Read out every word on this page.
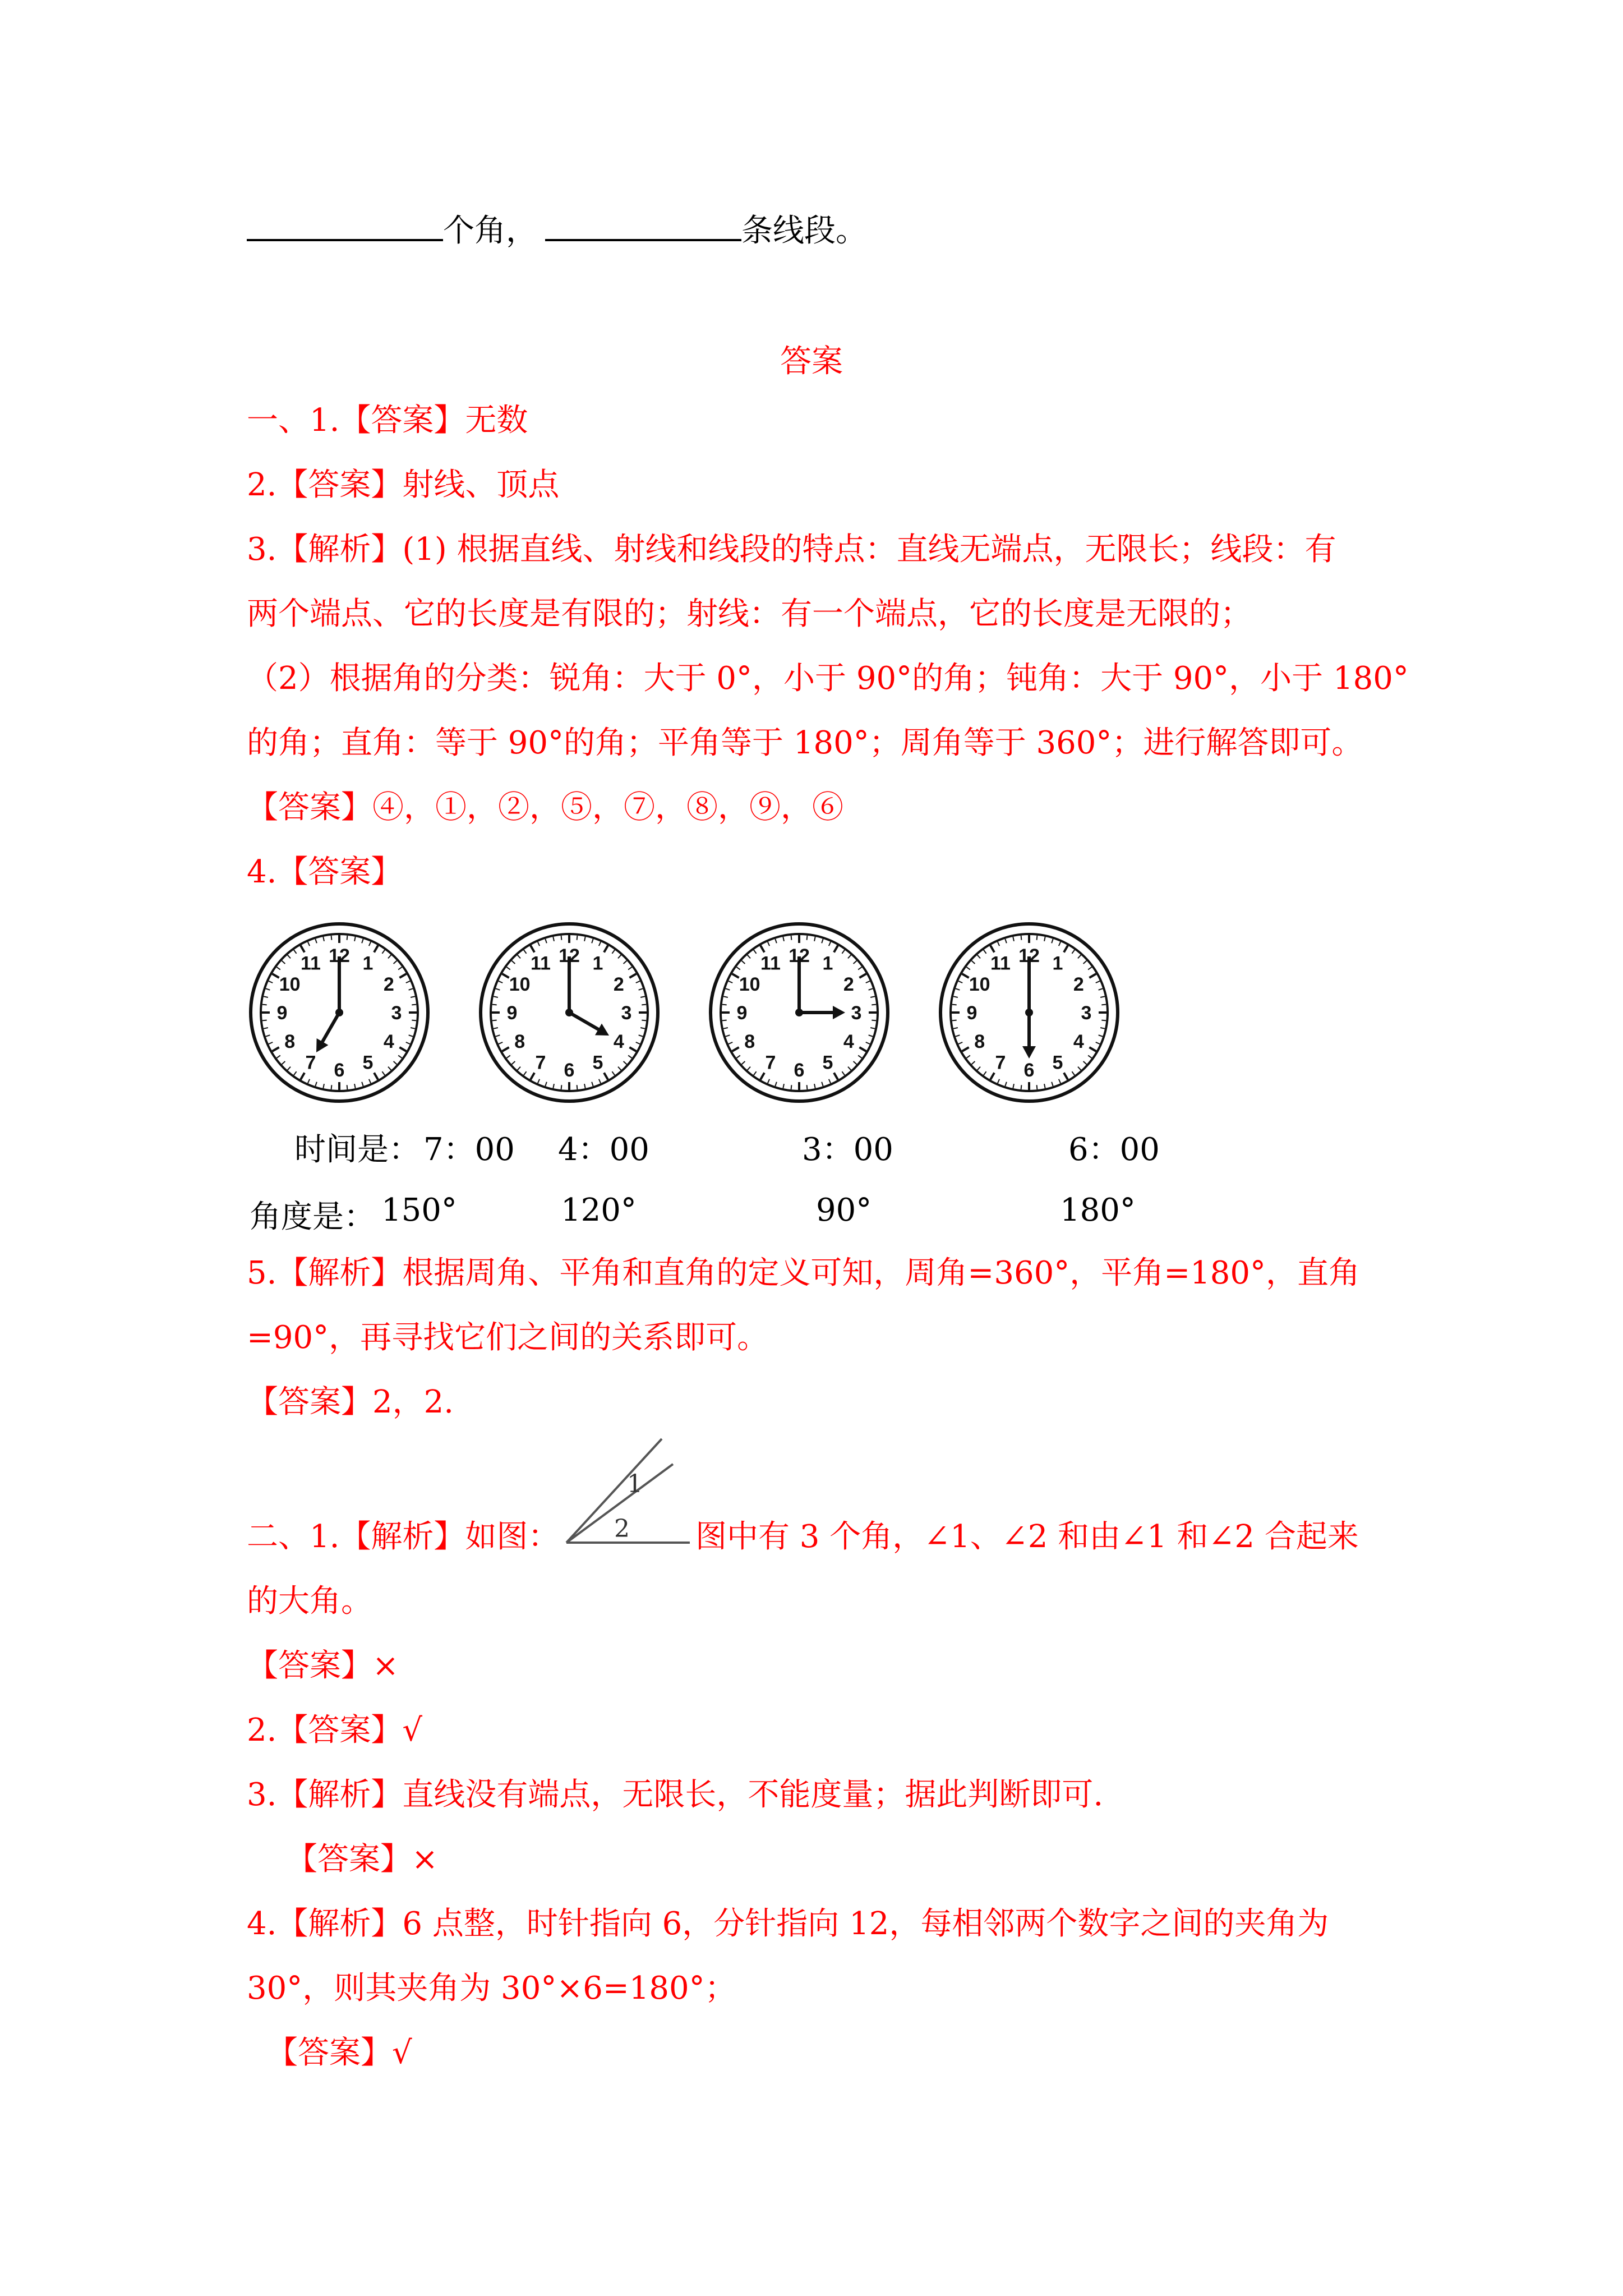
个角，	条线段。
答案
一、1.【答案】无数
2.【答案】射线、顶点
3.【解析】(1) 根据直线、射线和线段的特点：直线无端点，无限长；线段：有
两个端点、它的长度是有限的；射线：有一个端点，它的长度是无限的；
（2）根据角的分类：锐角：大于 0°，小于 90°的角；钝角：大于 90°，小于 180°
的角；直角：等于 90°的角；平角等于 180°；周角等于 360°；进行解答即可。
【答案】④，①，②，⑤，⑦，⑧，⑨，⑥
4.【答案】
12 1
2
3
4
5
6
7
8
9
10
11	12 1
2
3
4
5
6
7
8
9
10
11	12 1
2
3
4
5
6
7
8
9
10
11	12 1
2
3
4
5
6
7
8
9
10
11
时间是： 7：00 4：00	3：00	6：00
角度是： 150°	120°	90°	180°
5.【解析】根据周角、平角和直角的定义可知，周角=360°，平角=180°，直角
=90°，再寻找它们之间的关系即可。
【答案】2，2.
二、1.【解析】如图：
1
2 图中有 3 个角，∠1、∠2 和由∠1 和∠2 合起来
的大角。
【答案】×
2.【答案】√
3.【解析】直线没有端点，无限长，不能度量；据此判断即可.
【答案】×
4.【解析】6 点整，时针指向 6，分针指向 12，每相邻两个数字之间的夹角为
30°，则其夹角为 30°×6=180°；
【答案】√
